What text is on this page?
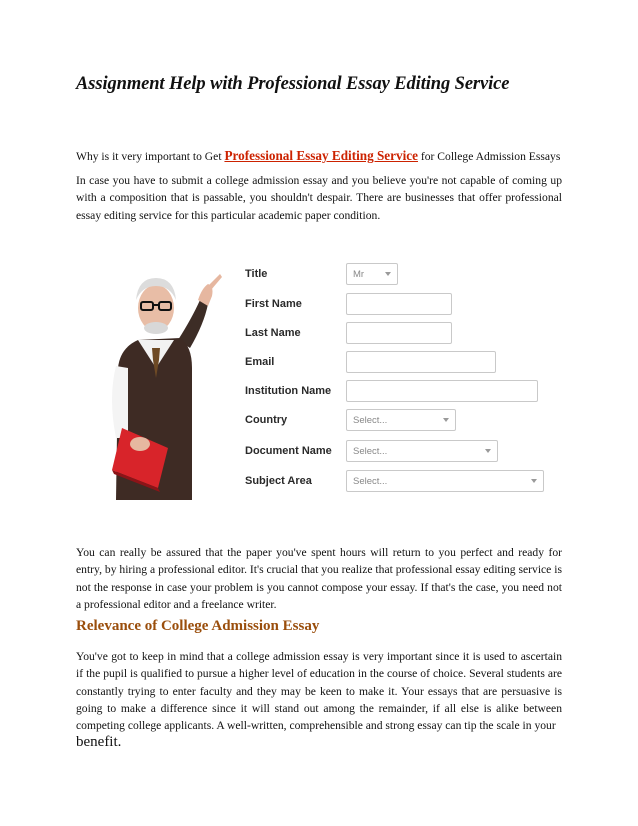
Assignment Help with Professional Essay Editing Service

Why is it very important to Get Professional Essay Editing Service for College Admission Essays

In case you have to submit a college admission essay and you believe you're not capable of coming up with a composition that is passable, you shouldn't despair. There are businesses that offer professional essay editing service for this particular academic paper condition.

Title	Mr
First Name
Last Name
Email
Institution Name
Country	Select...
Document Name	Select...
Subject Area	Select...

You can really be assured that the paper you've spent hours will return to you perfect and ready for entry, by hiring a professional editor. It's crucial that you realize that professional essay editing service is not the response in case your problem is you cannot compose your essay. If that's the case, you need not a professional editor and a freelance writer.

Relevance of College Admission Essay

You've got to keep in mind that a college admission essay is very important since it is used to ascertain if the pupil is qualified to pursue a higher level of education in the course of choice. Several students are constantly trying to enter faculty and they may be keen to make it. Your essays that are persuasive is going to make a difference since it will stand out among the remainder, if all else is alike between competing college applicants. A well-written, comprehensible and strong essay can tip the scale in your
benefit.
